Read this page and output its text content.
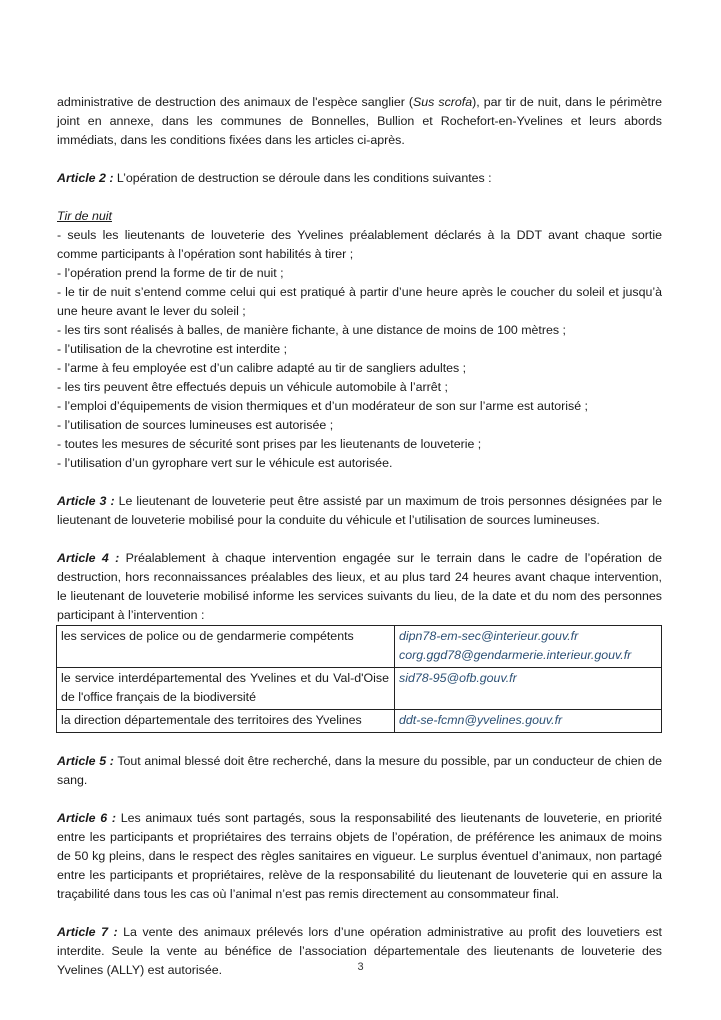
administrative de destruction des animaux de l'espèce sanglier (Sus scrofa), par tir de nuit, dans le périmètre joint en annexe, dans les communes de Bonnelles, Bullion et Rochefort-en-Yvelines et leurs abords immédiats, dans les conditions fixées dans les articles ci-après.

Article 2 : L’opération de destruction se déroule dans les conditions suivantes :

Tir de nuit

- seuls les lieutenants de louveterie des Yvelines préalablement déclarés à la DDT avant chaque sortie comme participants à l’opération sont habilités à tirer ;

- l’opération prend la forme de tir de nuit ;

- le tir de nuit s’entend comme celui qui est pratiqué à partir d’une heure après le coucher du soleil et jusqu’à une heure avant le lever du soleil ;

- les tirs sont réalisés à balles, de manière fichante, à une distance de moins de 100 mètres ;

- l’utilisation de la chevrotine est interdite ;

- l’arme à feu employée est d’un calibre adapté au tir de sangliers adultes ;

- les tirs peuvent être effectués depuis un véhicule automobile à l’arrêt ;

- l’emploi d’équipements de vision thermiques et d’un modérateur de son sur l’arme est autorisé ;

- l’utilisation de sources lumineuses est autorisée ;

- toutes les mesures de sécurité sont prises par les lieutenants de louveterie ;

- l’utilisation d’un gyrophare vert sur le véhicule est autorisée.

Article 3 : Le lieutenant de louveterie peut être assisté par un maximum de trois personnes désignées par le lieutenant de louveterie mobilisé pour la conduite du véhicule et l’utilisation de sources lumineuses.

Article 4 : Préalablement à chaque intervention engagée sur le terrain dans le cadre de l’opération de destruction, hors reconnaissances préalables des lieux, et au plus tard 24 heures avant chaque intervention, le lieutenant de louveterie mobilisé informe les services suivants du lieu, de la date et du nom des personnes participant à l’intervention :

les services de police ou de gendarmerie compétents	dipn78-em-sec@interieur.gouv.fr
corg.ggd78@gendarmerie.interieur.gouv.fr

le service interdépartemental des Yvelines et du Val-d'Oise de l'office français de la biodiversité	sid78-95@ofb.gouv.fr

la direction départementale des territoires des Yvelines	ddt-se-fcmn@yvelines.gouv.fr

Article 5 : Tout animal blessé doit être recherché, dans la mesure du possible, par un conducteur de chien de sang.

Article 6 : Les animaux tués sont partagés, sous la responsabilité des lieutenants de louveterie, en priorité entre les participants et propriétaires des terrains objets de l’opération, de préférence les animaux de moins de 50 kg pleins, dans le respect des règles sanitaires en vigueur. Le surplus éventuel d’animaux, non partagé entre les participants et propriétaires, relève de la responsabilité du lieutenant de louveterie qui en assure la traçabilité dans tous les cas où l’animal n’est pas remis directement au consommateur final.

Article 7 : La vente des animaux prélevés lors d’une opération administrative au profit des louvetiers est interdite. Seule la vente au bénéfice de l’association départementale des lieutenants de louveterie des Yvelines (ALLY) est autorisée.	3
